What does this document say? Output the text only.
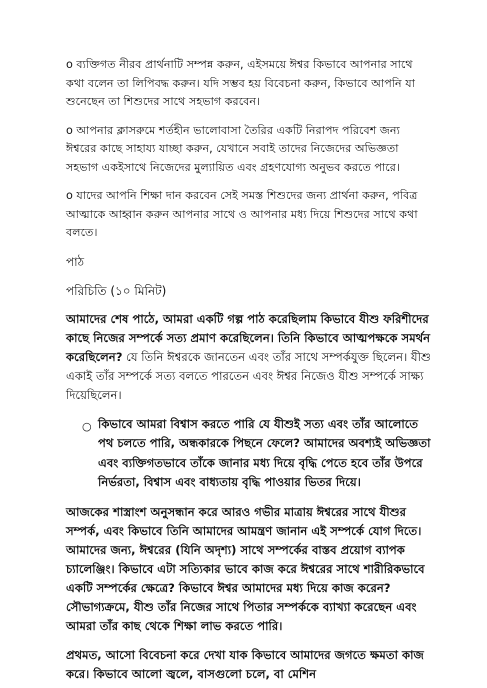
o ব্যক্তিগত নীরব প্রার্থনাটি সম্পন্ন করুন, এইসময়ে ঈশ্বর কিভাবে আপনার সাথে কথা বলেন তা লিপিবদ্ধ করুন। যদি সম্ভব হয় বিবেচনা করুন, কিভাবে আপনি যা শুনেছেন তা শিশুদের সাথে সহভাগ করবেন।

o আপনার ক্লাসরুমে শর্তহীন ভালোবাসা তৈরির একটি নিরাপদ পরিবেশ জন্য ঈশ্বরের কাছে সাহায্য যাচ্ছা করুন, যেখানে সবাই তাদের নিজেদের অভিজ্ঞতা সহভাগ একইসাথে নিজেদের মুল্যায়িত এবং গ্রহণযোগ্য অনুভব করতে পারে।

o যাদের আপনি শিক্ষা দান করবেন সেই সমস্ত শিশুদের জন্য প্রার্থনা করুন, পবিত্র আত্মাকে আহ্বান করুন আপনার সাথে ও আপনার মধ্য দিয়ে শিশুদের সাথে কথা বলতে।

পাঠ

পরিচিতি (১০ মিনিট)

আমাদের শেষ পাঠে, আমরা একটি গল্প পাঠ করেছিলাম কিভাবে যীশু ফরিশীদের কাছে নিজের সম্পর্কে সত্য প্রমাণ করেছিলেন। তিনি কিভাবে আত্মপক্ষকে সমর্থন করেছিলেন? যে তিনি ঈশ্বরকে জানতেন এবং তাঁর সাথে সম্পর্কযুক্ত ছিলেন। যীশু একাই তাঁর সম্পর্কে সত্য বলতে পারতেন এবং ঈশ্বর নিজেও যীশু সম্পর্কে সাক্ষ্য দিয়েছিলেন।

○ কিভাবে আমরা বিশ্বাস করতে পারি যে যীশুই সত্য এবং তাঁর আলোতে পথ চলতে পারি, অন্ধকারকে পিছনে ফেলে? আমাদের অবশ্যই অভিজ্ঞতা এবং ব্যক্তিগতভাবে তাঁকে জানার মধ্য দিয়ে বৃদ্ধি পেতে হবে তাঁর উপরে নির্ভরতা, বিশ্বাস এবং বাধ্যতায় বৃদ্ধি পাওয়ার ভিতর দিয়ে।

আজকের শাস্ত্রাংশ অনুসন্ধান করে আরও গভীর মাত্রায় ঈশ্বরের সাথে যীশুর সম্পর্ক, এবং কিভাবে তিনি আমাদের আমন্ত্রণ জানান এই সম্পর্কে যোগ দিতে। আমাদের জন্য, ঈশ্বরের (যিনি অদৃশ্য) সাথে সম্পর্কের বাস্তব প্রয়োগ ব্যাপক চ্যালেঞ্জিং। কিভাবে এটা সত্যিকার ভাবে কাজ করে ঈশ্বরের সাথে শারীরিকভাবে একটি সম্পর্কের ক্ষেত্রে? কিভাবে ঈশ্বর আমাদের মধ্য দিয়ে কাজ করেন? সৌভাগ্যক্রমে, যীশু তাঁর নিজের সাথে পিতার সম্পর্ককে ব্যাখ্যা করেছেন এবং আমরা তাঁর কাছ থেকে শিক্ষা লাভ করতে পারি।

প্রথমত, আসো বিবেচনা করে দেখা যাক কিভাবে আমাদের জগতে ক্ষমতা কাজ করে। কিভাবে আলো জ্বলে, বাসগুলো চলে, বা মেশিন
